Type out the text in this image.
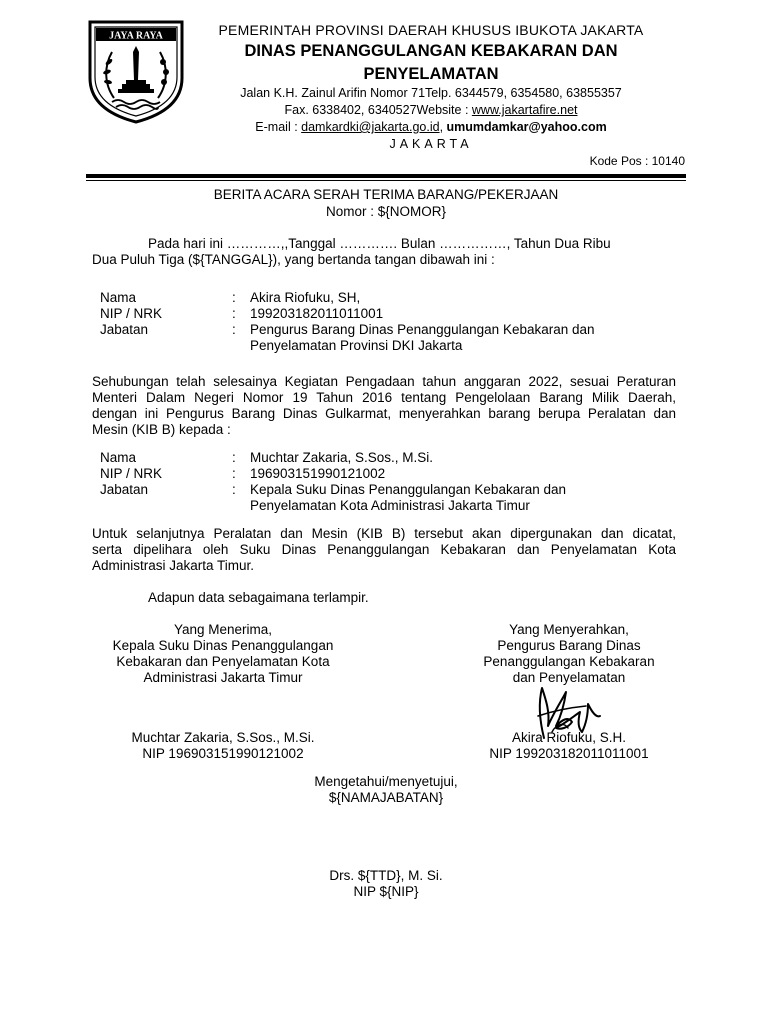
JAYA RAYA	PEMERINTAH PROVINSI DAERAH KHUSUS IBUKOTA JAKARTA
DINAS PENANGGULANGAN KEBAKARAN DAN
PENYELAMATAN
Jalan K.H. Zainul Arifin Nomor 71Telp. 6344579, 6354580, 63855357
Fax. 6338402, 6340527Website : www.jakartafire.net
E-mail : damkardki@jakarta.go.id, umumdamkar@yahoo.com
JAKARTA
Kode Pos : 10140
BERITA ACARA SERAH TERIMA BARANG/PEKERJAAN
Nomor : ${NOMOR}
Pada hari ini …………,,Tanggal …………. Bulan ……………, Tahun Dua Ribu
Dua Puluh Tiga (${TANGGAL}), yang bertanda tangan dibawah ini :
Nama	:	Akira Riofuku, SH,
NIP / NRK	:	199203182011011001
Jabatan	:	Pengurus Barang Dinas Penanggulangan Kebakaran dan
Penyelamatan Provinsi DKI Jakarta
Sehubungan telah selesainya Kegiatan Pengadaan tahun anggaran 2022, sesuai Peraturan
Menteri Dalam Negeri Nomor 19 Tahun 2016 tentang Pengelolaan Barang Milik Daerah,
dengan ini Pengurus Barang Dinas Gulkarmat, menyerahkan barang berupa Peralatan dan
Mesin (KIB B) kepada :
Nama	:	Muchtar Zakaria, S.Sos., M.Si.
NIP / NRK	:	196903151990121002
Jabatan	:	Kepala Suku Dinas Penanggulangan Kebakaran dan
Penyelamatan Kota Administrasi Jakarta Timur
Untuk selanjutnya Peralatan dan Mesin (KIB B) tersebut akan dipergunakan dan dicatat,
serta dipelihara oleh Suku Dinas Penanggulangan Kebakaran dan Penyelamatan Kota
Administrasi Jakarta Timur.
Adapun data sebagaimana terlampir.
Yang Menerima,
Kepala Suku Dinas Penanggulangan
Kebakaran dan Penyelamatan Kota
Administrasi Jakarta Timur
Muchtar Zakaria, S.Sos., M.Si.
NIP 196903151990121002
Yang Menyerahkan,
Pengurus Barang Dinas
Penanggulangan Kebakaran
dan Penyelamatan
Akira Riofuku, S.H.
NIP 199203182011011001
Mengetahui/menyetujui,
${NAMAJABATAN}
Drs. ${TTD}, M. Si.
NIP ${NIP}
